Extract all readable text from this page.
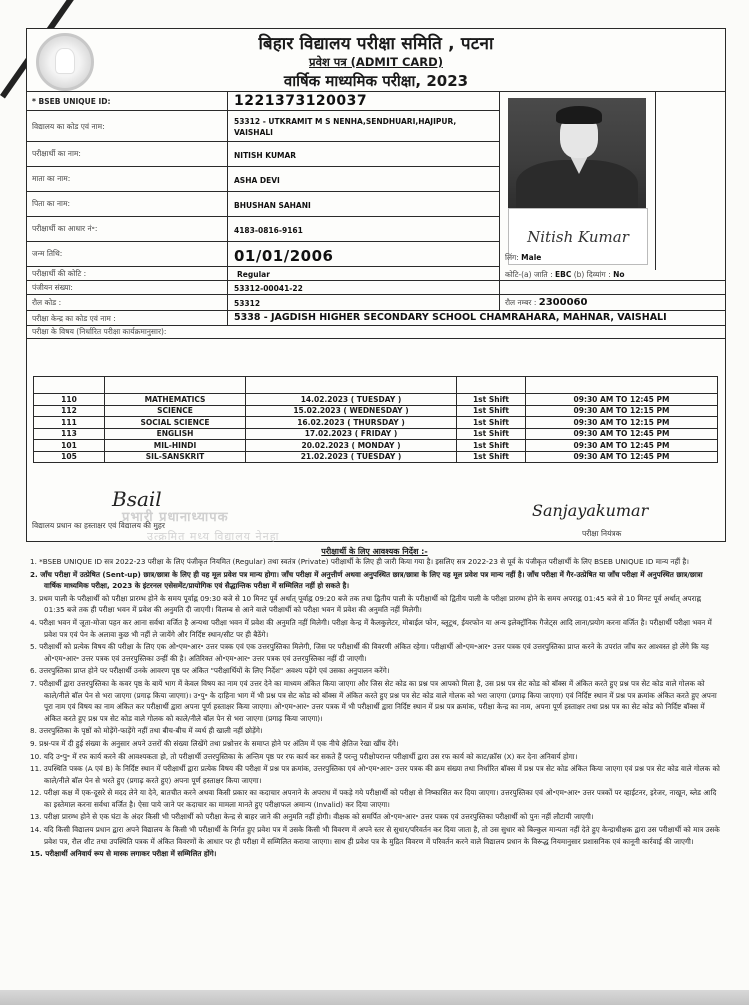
बिहार विद्यालय परीक्षा समिति , पटना
प्रवेश पत्र (ADMIT CARD)
वार्षिक माध्यमिक परीक्षा, 2023
* BSEB UNIQUE ID:	1221373120037
विद्यालय का कोड एवं नाम:
53312 - UTKRAMIT M S NENHA,SENDHUARI,HAJIPUR,
VAISHALI
परीक्षार्थी का नाम:	NITISH KUMAR
माता का नाम:	ASHA DEVI
पिता का नाम:	BHUSHAN SAHANI
परीक्षार्थी का आधार नं॰:	4183-0816-9161
जन्म तिथि:	01/01/2006
परीक्षार्थी की कोटि :	Regular
पंजीयन संख्या:	53312-00041-22
रौल कोड :	53312
परीक्षा केन्द्र का कोड एवं नाम :	5338 - JAGDISH HIGHER SECONDARY SCHOOL CHAMRAHARA, MAHNAR, VAISHALI
परीक्षा के विषय (निर्धारित परीक्षा कार्यक्रमानुसार):
Nitish Kumar
लिंग: Male
कोटि-(a) जाति : EBC (b) दिव्यांग : No
रौल नम्बर : 2300060

110	MATHEMATICS	14.02.2023 ( TUESDAY )	1st Shift	09:30 AM TO 12:45 PM
112	SCIENCE	15.02.2023 ( WEDNESDAY )	1st Shift	09:30 AM TO 12:15 PM
111	SOCIAL SCIENCE	16.02.2023 ( THURSDAY )	1st Shift	09:30 AM TO 12:15 PM
113	ENGLISH	17.02.2023 ( FRIDAY )	1st Shift	09:30 AM TO 12:45 PM
101	MIL-HINDI	20.02.2023 ( MONDAY )	1st Shift	09:30 AM TO 12:45 PM
105	SIL-SANSKRIT	21.02.2023 ( TUESDAY )	1st Shift	09:30 AM TO 12:45 PM
Bsail
प्रभारी प्रधानाध्यापक
उत्क्रमित मध्य विद्यालय नेनहा
विद्यालय प्रधान का हस्ताक्षर एवं विद्यालय की मुहर
Sanjayakumar
परीक्षा नियंत्रक
परीक्षार्थी के लिए आवश्यक निर्देश :-

1. *BSEB UNIQUE ID सत्र 2022-23 परीक्षा के लिए पंजीकृत नियमित (Regular) तथा स्वतंत्र (Private) परीक्षार्थी के लिए ही जारी किया गया है। इसलिए सत्र 2022-23 से पूर्व के पंजीकृत परीक्षार्थी के लिए BSEB UNIQUE ID मान्य नहीं है।

2. जाँच परीक्षा में उत्प्रेषित (Sent-up) छात्र/छात्रा के लिए ही यह मूल प्रवेश पत्र मान्य होगा। जाँच परीक्षा में अनुत्तीर्ण अथवा अनुपस्थित छात्र/छात्रा के लिए यह मूल प्रवेश पत्र मान्य नहीं है। जाँच परीक्षा में गैर-उत्प्रेषित या जाँच परीक्षा में अनुपस्थित छात्र/छात्रा वार्षिक माध्यमिक परीक्षा, 2023 के इंटरनल एसेसमेंट/प्रायोगिक एवं सैद्धान्तिक परीक्षा में सम्मिलित नहीं हो सकते है।

3. प्रथम पाली के परीक्षार्थी को परीक्षा प्रारम्भ होने के समय पूर्वाह्न 09:30 बजे से 10 मिनट पूर्व अर्थात् पूर्वाह्न 09:20 बजे तक तथा द्वितीय पाली के परीक्षार्थी को द्वितीय पाली के परीक्षा प्रारम्भ होने के समय अपराह्न 01:45 बजे से 10 मिनट पूर्व अर्थात् अपराह्न 01:35 बजे तक ही परीक्षा भवन में प्रवेश की अनुमति दी जाएगी। विलम्ब से आने वाले परीक्षार्थी को परीक्षा भवन में प्रवेश की अनुमति नहीं मिलेगी।

4. परीक्षा भवन में जूता-मोजा पहन कर आना सर्वथा वर्जित है अन्यथा परीक्षा भवन में प्रवेश की अनुमति नहीं मिलेगी। परीक्षा केन्द्र में कैलकुलेटर, मोबाईल फोन, ब्लूटूथ, ईयरफोन या अन्य इलेक्ट्रॉनिक गैजेट्स आदि लाना/प्रयोग करना वर्जित है। परीक्षार्थी परीक्षा भवन में प्रवेश पत्र एवं पेन के अलावा कुछ भी नहीं ले जायेंगे और निर्दिष्ट स्थान/सीट पर ही बैठेंगे।

5. परीक्षार्थी को प्रत्येक विषय की परीक्षा के लिए एक ओ॰एम॰आर॰ उत्तर पत्रक एवं एक उत्तरपुस्तिका मिलेगी, जिस पर परीक्षार्थी की विवरणी अंकित रहेगा। परीक्षार्थी ओ॰एम॰आर॰ उत्तर पत्रक एवं उत्तरपुस्तिका प्राप्त करने के उपरांत जाँच कर आश्वस्त हो लेंगे कि यह ओ॰एम॰आर॰ उत्तर पत्रक एवं उत्तरपुस्तिका उन्हीं की है। अतिरिक्त ओ॰एम॰आर॰ उत्तर पत्रक एवं उत्तरपुस्तिका नहीं दी जाएगी।

6. उत्तरपुस्तिका प्राप्त होने पर परीक्षार्थी उनके आवरण पृष्ठ पर अंकित "परीक्षार्थियों के लिए निर्देश" अवश्य पढ़ेंगे एवं उसका अनुपालन करेंगे।

7. परीक्षार्थी द्वारा उत्तरपुस्तिका के कवर पृष्ठ के बायें भाग में केवल विषय का नाम एवं उत्तर देने का माध्यम अंकित किया जाएगा और जिस सेट कोड का प्रश्न पत्र आपको मिला है, उस प्रश्न पत्र सेट कोड को बॉक्स में अंकित करते हुए प्रश्न पत्र सेट कोड वाले गोलक को काले/नीले बॉल पेन से भरा जाएगा (प्रगाढ़ किया जाएगा)। उ॰पु॰ के दाहिना भाग में भी प्रश्न पत्र सेट कोड को बॉक्स में अंकित करते हुए प्रश्न पत्र सेट कोड वाले गोलक को भरा जाएगा (प्रगाढ़ किया जाएगा) एवं निर्दिष्ट स्थान में प्रश्न पत्र क्रमांक अंकित करते हुए अपना पूरा नाम एवं विषय का नाम अंकित कर परीक्षार्थी द्वारा अपना पूर्ण हस्ताक्षर किया जाएगा। ओ॰एम॰आर॰ उत्तर पत्रक में भी परीक्षार्थी द्वारा निर्दिष्ट स्थान में प्रश्न पत्र क्रमांक, परीक्षा केन्द्र का नाम, अपना पूर्ण हस्ताक्षर तथा प्रश्न पत्र का सेट कोड को निर्दिष्ट बॉक्स में अंकित करते हुए प्रश्न पत्र सेट कोड वाले गोलक को काले/नीले बॉल पेन से भरा जाएगा (प्रगाढ़ किया जाएगा)।

8. उत्तरपुस्तिका के पृष्ठों को मोड़ेंगे-फाड़ेंगे नहीं तथा बीच-बीच में व्यर्थ ही खाली नहीं छोड़ेंगे।

9. प्रश्न-पत्र में दी हुई संख्या के अनुसार अपने उत्तरों की संख्या लिखेंगे तथा प्रश्नोत्तर के समाप्त होने पर अंतिम में एक नीचे क्षैतिज रेखा खींच देंगे।

10. यदि उ॰पु॰ में रफ कार्य करने की आवश्यकता हो, तो परीक्षार्थी उत्तरपुस्तिका के अन्तिम पृष्ठ पर रफ कार्य कर सकते हैं परन्तु परीक्षोपरान्त परीक्षार्थी द्वारा उस रफ कार्य को काट/क्रॉस (X) कर देना अनिवार्य होगा।

11. उपस्थिति पत्रक (A एवं B) के निर्दिष्ट स्थान में परीक्षार्थी द्वारा प्रत्येक विषय की परीक्षा में प्रश्न पत्र क्रमांक, उत्तरपुस्तिका एवं ओ॰एम॰आर॰ उत्तर पत्रक की क्रम संख्या तथा निर्धारित बॉक्स में प्रश्न पत्र सेट कोड अंकित किया जाएगा एवं प्रश्न पत्र सेट कोड वाले गोलक को काले/नीले बॉल पेन से भरते हुए (प्रगाढ़ करते हुए) अपना पूर्ण हस्ताक्षर किया जाएगा।

12. परीक्षा कक्ष में एक-दूसरे से मदद लेने या देने, बातचीत करने अथवा किसी प्रकार का कदाचार अपनाने के अपराध में पकड़े गये परीक्षार्थी को परीक्षा से निष्कासित कर दिया जाएगा। उत्तरपुस्तिका एवं ओ॰एम॰आर॰ उत्तर पत्रकों पर व्हाईटनर, इरेजर, नाखून, ब्लेड आदि का इस्तेमाल करना सर्वथा वर्जित है। ऐसा पाये जाने पर कदाचार का मामला मानते हुए परीक्षाफल अमान्य (Invalid) कर दिया जाएगा।

13. परीक्षा प्रारम्भ होने से एक घंटा के अंदर किसी भी परीक्षार्थी को परीक्षा केन्द्र से बाहर जाने की अनुमति नहीं होगी। वीक्षक को समर्पित ओ॰एम॰आर॰ उत्तर पत्रक एवं उत्तरपुस्तिका परीक्षार्थी को पुनः नहीं लौटायी जाएगी।

14. यदि किसी विद्यालय प्रधान द्वारा अपने विद्यालय के किसी भी परीक्षार्थी के निर्गत हुए प्रवेश पत्र में उसके किसी भी विवरण में अपने स्तर से सुधार/परिवर्तन कर दिया जाता है, तो उस सुधार को बिल्कुल मान्यता नहीं देते हुए केन्द्राधीक्षक द्वारा उस परीक्षार्थी को मात्र उसके प्रवेश पत्र, रौल शीट तथा उपस्थिति पत्रक में अंकित विवरणों के आधार पर ही परीक्षा में सम्मिलित कराया जाएगा। साथ ही प्रवेश पत्र के मुद्रित विवरण में परिवर्तन करने वाले विद्यालय प्रधान के विरूद्ध नियमानुसार प्रशासनिक एवं कानूनी कार्रवाई की जाएगी।

15. परीक्षार्थी अनिवार्य रूप से मास्क लगाकर परीक्षा में सम्मिलित होंगे।
